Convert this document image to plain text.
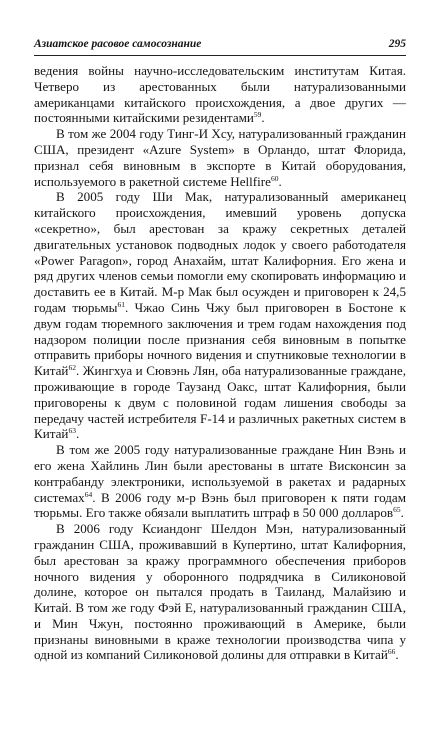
Азиатское расовое самосознание	295

ведения войны научно-исследовательским институтам Китая. Четверо из арестованных были натурализованными американцами китайского происхождения, а двое других — постоянными китайскими резидентами$^{59}$.

В том же 2004 году Тинг-И Хсу, натурализованный гражданин США, президент «Azure System» в Орландо, штат Флорида, признал себя виновным в экспорте в Китай оборудования, используемого в ракетной системе Hellfire$^{60}$.

В 2005 году Ши Мак, натурализованный американец китайского происхождения, имевший уровень допуска «секретно», был арестован за кражу секретных деталей двигательных установок подводных лодок у своего работодателя «Power Paragon», город Анахайм, штат Калифорния. Его жена и ряд других членов семьи помогли ему скопировать информацию и доставить ее в Китай. М-р Мак был осужден и приговорен к 24,5 годам тюрьмы$^{61}$. Чжао Синь Чжу был приговорен в Бостоне к двум годам тюремного заключения и трем годам нахождения под надзором полиции после признания себя виновным в попытке отправить приборы ночного видения и спутниковые технологии в Китай$^{62}$. Жингхуа и Сювэнь Лян, оба натурализованные граждане, проживающие в городе Таузанд Оакс, штат Калифорния, были приговорены к двум с половиной годам лишения свободы за передачу частей истребителя F-14 и различных ракетных систем в Китай$^{63}$.

В том же 2005 году натурализованные граждане Нин Вэнь и его жена Хайлинь Лин были арестованы в штате Висконсин за контрабанду электроники, используемой в ракетах и радарных системах$^{64}$. В 2006 году м-р Вэнь был приговорен к пяти годам тюрьмы. Его также обязали выплатить штраф в 50 000 долларов$^{65}$.

В 2006 году Ксиандонг Шелдон Мэн, натурализованный гражданин США, проживавший в Купертино, штат Калифорния, был арестован за кражу программного обеспечения приборов ночного видения у оборонного подрядчика в Силиконовой долине, которое он пытался продать в Таиланд, Малайзию и Китай. В том же году Фэй Е, натурализованный гражданин США, и Мин Чжун, постоянно проживающий в Америке, были признаны виновными в краже технологии производства чипа у одной из компаний Силиконовой долины для отправки в Китай$^{66}$.
